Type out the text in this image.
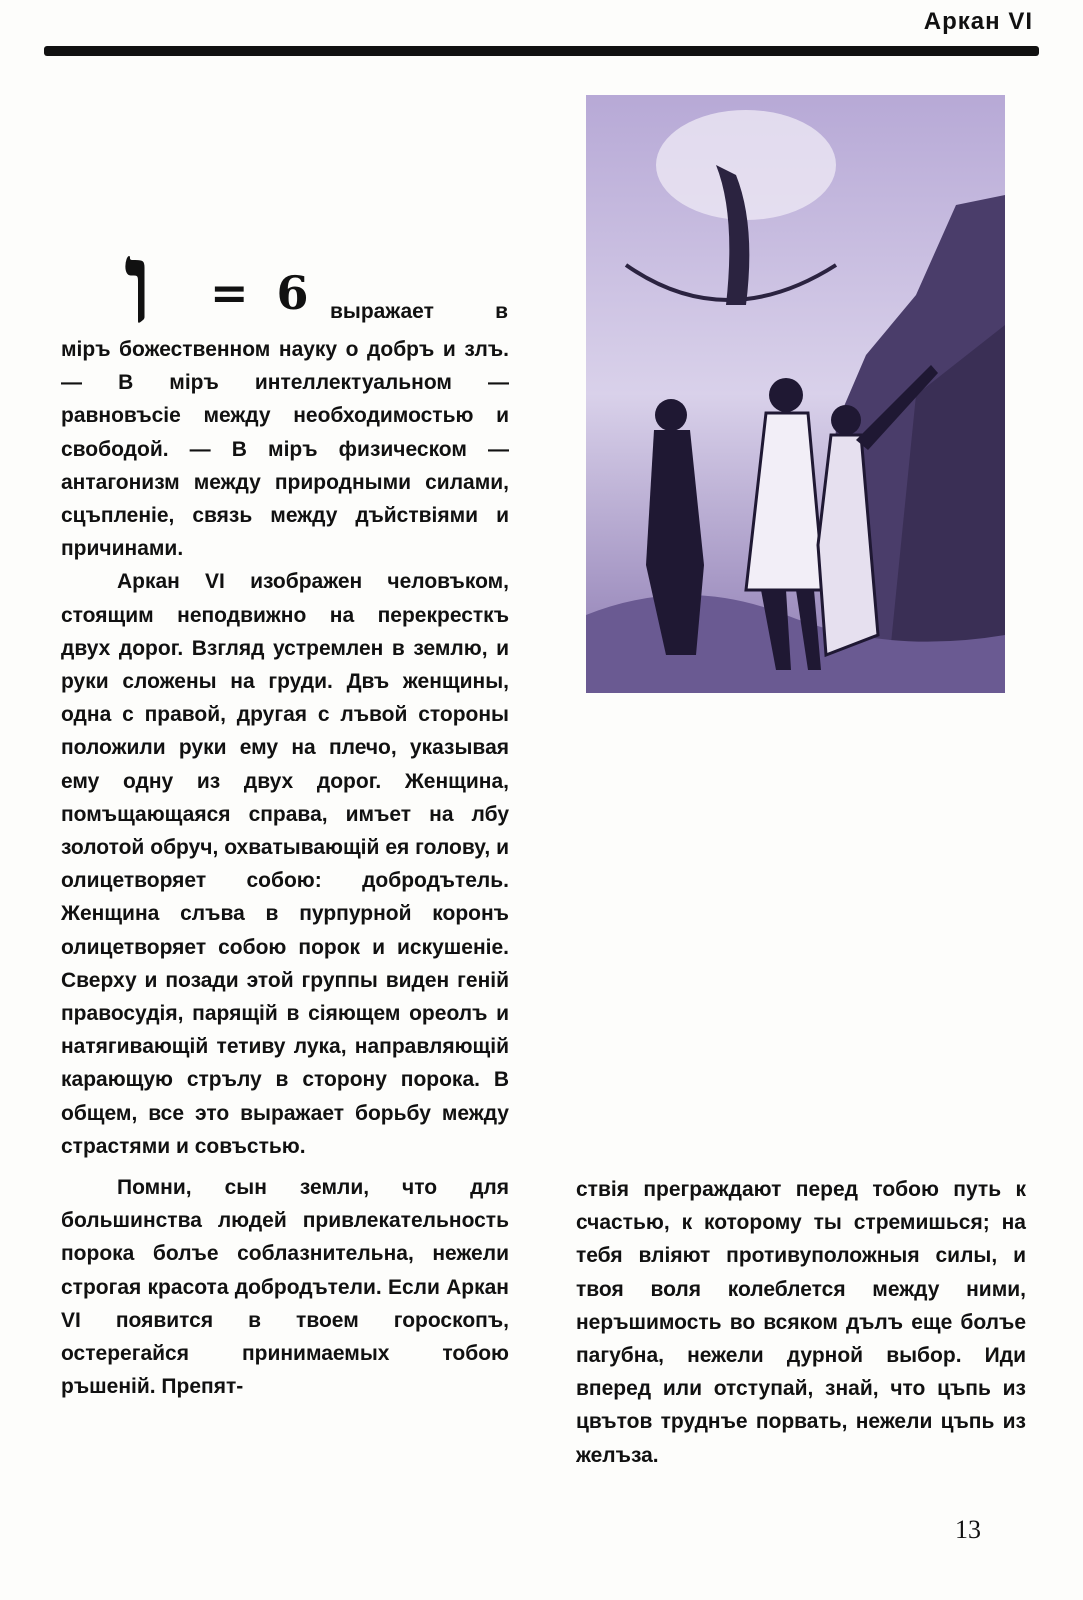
Аркан VI
ו = 6 выражает	в

міръ божественном науку о добръ и злъ. — В міръ интеллектуальном — равновъсіе между необходимостью и свободой. — В міръ физическом — антагонизм между природными силами, сцъпленіе, связь между дъйствіями и причинами.

Аркан VI изображен человъком, стоящим неподвижно на перекресткъ двух дорог. Взгляд устремлен в землю, и руки сложены на груди. Двъ женщины, одна с правой, другая с лъвой стороны положили руки ему на плечо, указывая ему одну из двух дорог. Женщина, помъщающаяся справа, имъет на лбу золотой обруч, охватывающій ея голову, и олицетворяет собою: добродътель. Женщина слъва в пурпурной коронъ олицетворяет собою порок и искушеніе. Сверху и позади этой группы виден геній правосудія, парящій в сіяющем ореолъ и натягивающій тетиву лука, направляющій карающую стрълу в сторону порока. В общем, все это выражает борьбу между страстями и совъстью.

Помни, сын земли, что для большинства людей привлекательность порока болъе соблазнительна, нежели строгая красота добродътели. Если Аркан VI появится в твоем гороскопъ, остерегайся принимаемых тобою ръшеній. Препят-

ствія преграждают перед тобою путь к счастью, к которому ты стремишься; на тебя вліяют противуположныя силы, и твоя воля колеблется между ними, неръшимость во всяком дълъ еще болъе пагубна, нежели дурной выбор. Иди вперед или отступай, знай, что цъпь из цвътов труднъе порвать, нежели цъпь из желъза.

13
